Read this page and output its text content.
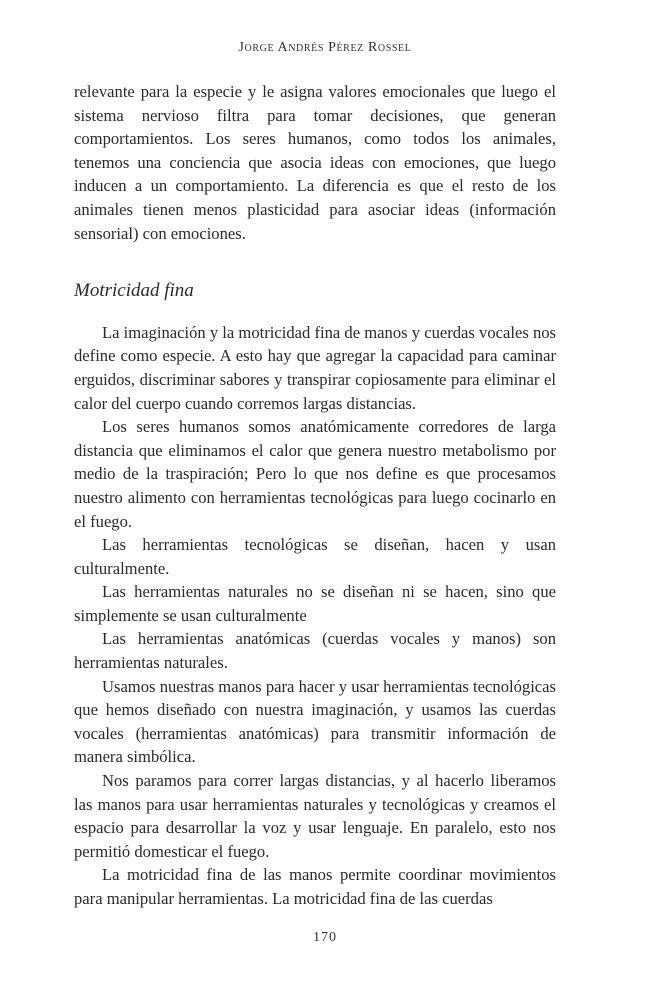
Jorge Andrés Pérez Rossel

relevante para la especie y le asigna valores emocionales que luego el sistema nervioso filtra para tomar decisiones, que generan comportamientos. Los seres humanos, como todos los animales, tenemos una conciencia que asocia ideas con emociones, que luego inducen a un comportamiento. La diferencia es que el resto de los animales tienen menos plasticidad para asociar ideas (información sensorial) con emociones.

Motricidad fina

La imaginación y la motricidad fina de manos y cuerdas vocales nos define como especie. A esto hay que agregar la capacidad para caminar erguidos, discriminar sabores y transpirar copiosamente para eliminar el calor del cuerpo cuando corremos largas distancias.

Los seres humanos somos anatómicamente corredores de larga distancia que eliminamos el calor que genera nuestro metabolismo por medio de la traspiración; Pero lo que nos define es que procesamos nuestro alimento con herramientas tecnológicas para luego cocinarlo en el fuego.

Las herramientas tecnológicas se diseñan, hacen y usan culturalmente.

Las herramientas naturales no se diseñan ni se hacen, sino que simplemente se usan culturalmente

Las herramientas anatómicas (cuerdas vocales y manos) son herramientas naturales.

Usamos nuestras manos para hacer y usar herramientas tecnológicas que hemos diseñado con nuestra imaginación, y usamos las cuerdas vocales (herramientas anatómicas) para transmitir información de manera simbólica.

Nos paramos para correr largas distancias, y al hacerlo liberamos las manos para usar herramientas naturales y tecnológicas y creamos el espacio para desarrollar la voz y usar lenguaje. En paralelo, esto nos permitió domesticar el fuego.

La motricidad fina de las manos permite coordinar movimientos para manipular herramientas. La motricidad fina de las cuerdas

170
